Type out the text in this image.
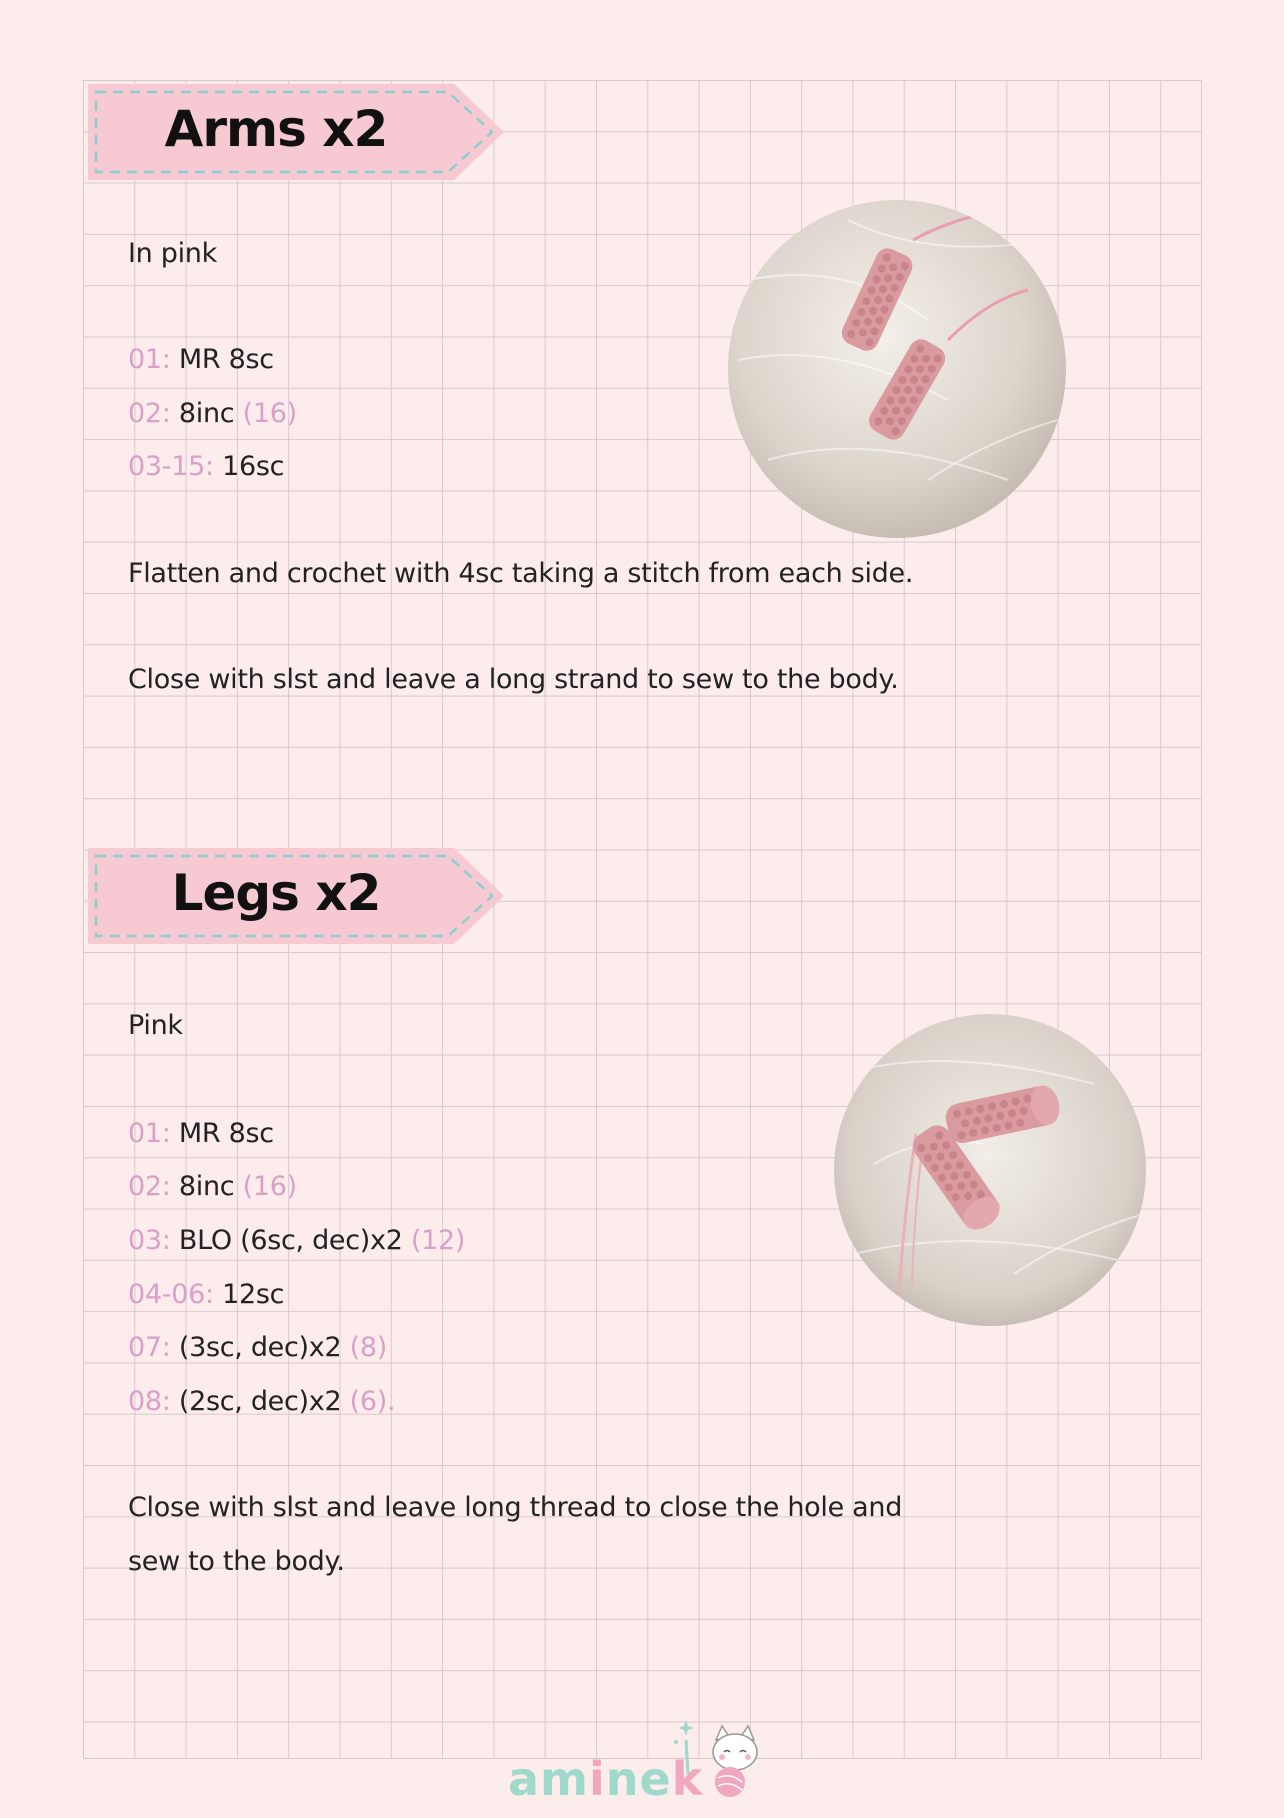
Arms x2
In pink
01: MR 8sc
02: 8inc (16)
03-15: 16sc
Flatten and crochet with 4sc taking a stitch from each side.
Close with slst and leave a long strand to sew to the body.
Legs x2
Pink
01: MR 8sc
02: 8inc (16)
03: BLO (6sc, dec)x2 (12)
04-06: 12sc
07: (3sc, dec)x2 (8)
08: (2sc, dec)x2 (6).
Close with slst and leave long thread to close the hole and
sew to the body.
aminek
